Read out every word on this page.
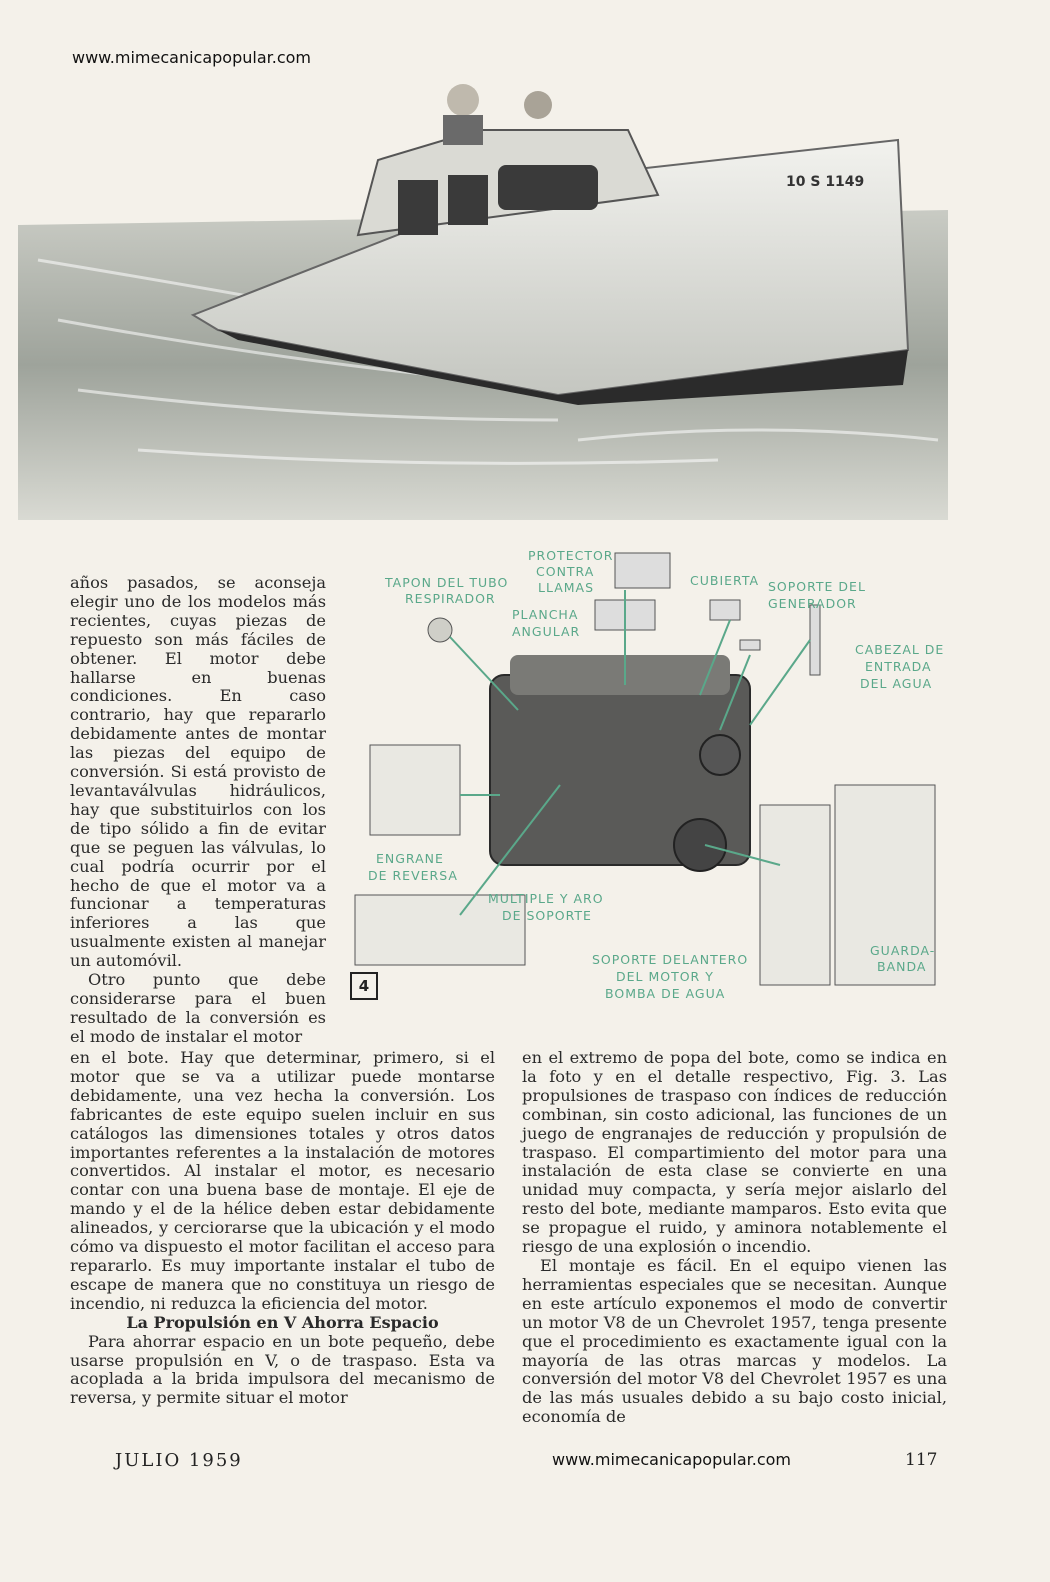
www.mimecanicapopular.com
10 S 1149

años pasados, se aconseja elegir uno de los modelos más recientes, cuyas piezas de repuesto son más fáciles de obtener. El motor debe hallarse en buenas condiciones. En caso contrario, hay que repararlo debidamente antes de montar las piezas del equipo de conversión. Si está provisto de levantaválvulas hidráulicos, hay que substituirlos con los de tipo sólido a fin de evitar que se peguen las válvulas, lo cual podría ocurrir por el hecho de que el motor va a funcionar a temperaturas inferiores a las que usualmente existen al manejar un automóvil.

Otro punto que debe considerarse para el buen resultado de la conversión es el modo de instalar el motor

TAPON DEL TUBO
RESPIRADOR
PROTECTOR
CONTRA
LLAMAS
PLANCHA
ANGULAR
CUBIERTA SOPORTE DEL
GENERADOR
CABEZAL DE
ENTRADA
DEL AGUA
ENGRANE
DE REVERSA
MULTIPLE Y ARO
DE SOPORTE
SOPORTE DELANTERO
DEL MOTOR Y
BOMBA DE AGUA
GUARDA-
BANDA
4

en el bote. Hay que determinar, primero, si el motor que se va a utilizar puede montarse debidamente, una vez hecha la conversión. Los fabricantes de este equipo suelen incluir en sus catálogos las dimensiones totales y otros datos importantes referentes a la instalación de motores convertidos. Al instalar el motor, es necesario contar con una buena base de montaje. El eje de mando y el de la hélice deben estar debidamente alineados, y cerciorarse que la ubicación y el modo cómo va dispuesto el motor facilitan el acceso para repararlo. Es muy importante instalar el tubo de escape de manera que no constituya un riesgo de incendio, ni reduzca la eficiencia del motor.

La Propulsión en V Ahorra Espacio

Para ahorrar espacio en un bote pequeño, debe usarse propulsión en V, o de traspaso. Esta va acoplada a la brida impulsora del mecanismo de reversa, y permite situar el motor

en el extremo de popa del bote, como se indica en la foto y en el detalle respectivo, Fig. 3. Las propulsiones de traspaso con índices de reducción combinan, sin costo adicional, las funciones de un juego de engranajes de reducción y propulsión de traspaso. El compartimiento del motor para una instalación de esta clase se convierte en una unidad muy compacta, y sería mejor aislarlo del resto del bote, mediante mamparos. Esto evita que se propague el ruido, y aminora notablemente el riesgo de una explosión o incendio.

El montaje es fácil. En el equipo vienen las herramientas especiales que se necesitan. Aunque en este artículo exponemos el modo de convertir un motor V8 de un Chevrolet 1957, tenga presente que el procedimiento es exactamente igual con la mayoría de las otras marcas y modelos. La conversión del motor V8 del Chevrolet 1957 es una de las más usuales debido a su bajo costo inicial, economía de

JULIO 1959	www.mimecanicapopular.com	117
